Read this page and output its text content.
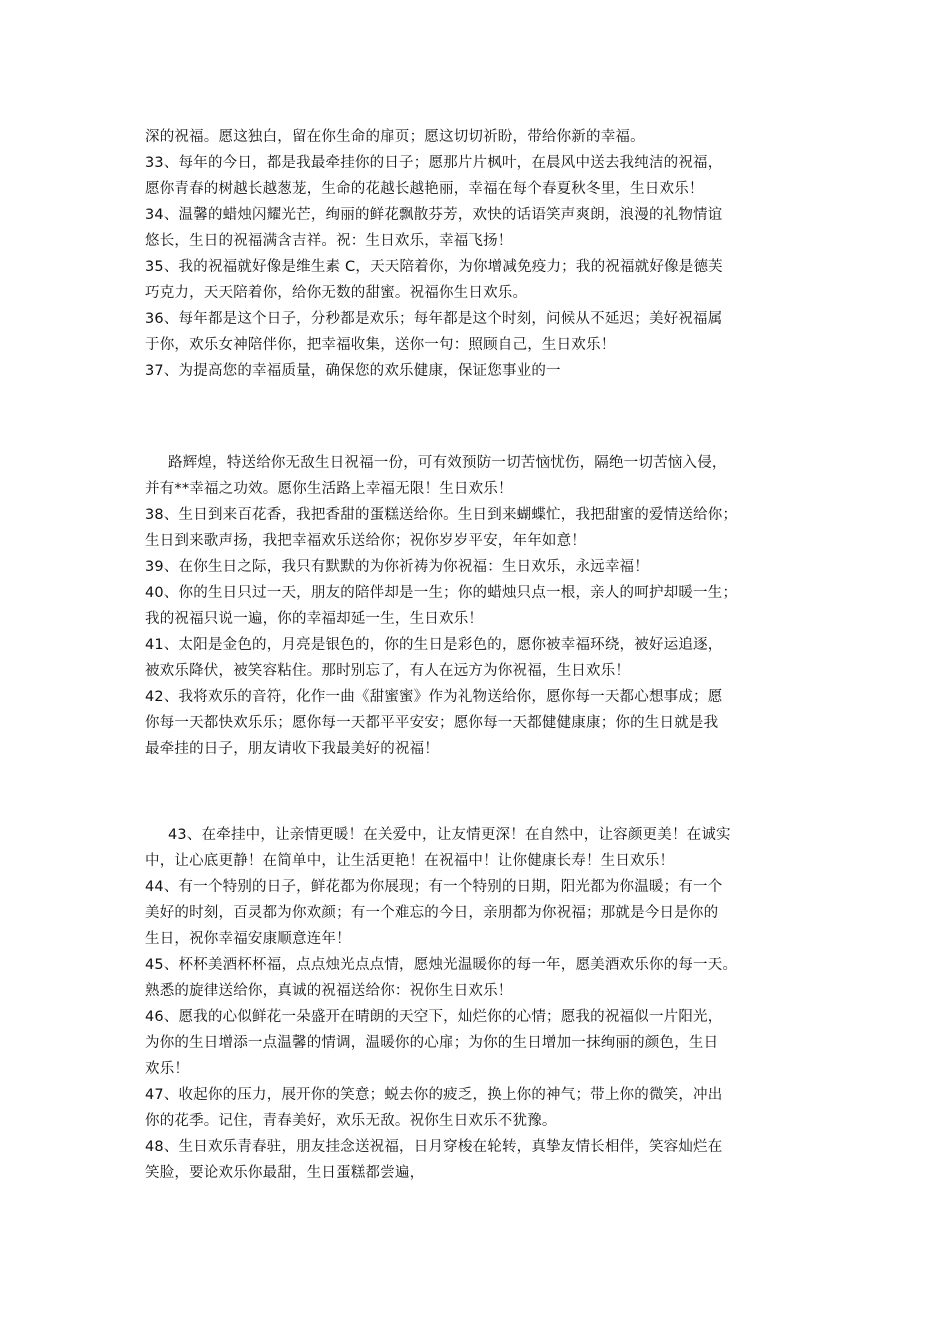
深的祝福。愿这独白，留在你生命的扉页；愿这切切祈盼，带给你新的幸福。
33、每年的今日，都是我最牵挂你的日子；愿那片片枫叶，在晨风中送去我纯洁的祝福，
愿你青春的树越长越葱茏，生命的花越长越艳丽，幸福在每个春夏秋冬里，生日欢乐！
34、温馨的蜡烛闪耀光芒，绚丽的鲜花飘散芬芳，欢快的话语笑声爽朗，浪漫的礼物情谊
悠长，生日的祝福满含吉祥。祝：生日欢乐，幸福飞扬！
35、我的祝福就好像是维生素 C，天天陪着你，为你增减免疫力；我的祝福就好像是德芙
巧克力，天天陪着你，给你无数的甜蜜。祝福你生日欢乐。
36、每年都是这个日子，分秒都是欢乐；每年都是这个时刻，问候从不延迟；美好祝福属
于你，欢乐女神陪伴你，把幸福收集，送你一句：照顾自己，生日欢乐！
37、为提高您的幸福质量，确保您的欢乐健康，保证您事业的一
路辉煌，特送给你无敌生日祝福一份，可有效预防一切苦恼忧伤，隔绝一切苦恼入侵，
并有**幸福之功效。愿你生活路上幸福无限！生日欢乐！
38、生日到来百花香，我把香甜的蛋糕送给你。生日到来蝴蝶忙，我把甜蜜的爱情送给你；
生日到来歌声扬，我把幸福欢乐送给你；祝你岁岁平安，年年如意！
39、在你生日之际，我只有默默的为你祈祷为你祝福：生日欢乐，永远幸福！
40、你的生日只过一天，朋友的陪伴却是一生；你的蜡烛只点一根，亲人的呵护却暖一生；
我的祝福只说一遍，你的幸福却延一生，生日欢乐！
41、太阳是金色的，月亮是银色的，你的生日是彩色的，愿你被幸福环绕，被好运追逐，
被欢乐降伏，被笑容粘住。那时别忘了，有人在远方为你祝福，生日欢乐！
42、我将欢乐的音符，化作一曲《甜蜜蜜》作为礼物送给你，愿你每一天都心想事成；愿
你每一天都快欢乐乐；愿你每一天都平平安安；愿你每一天都健健康康；你的生日就是我
最牵挂的日子，朋友请收下我最美好的祝福！
43、在牵挂中，让亲情更暖！在关爱中，让友情更深！在自然中，让容颜更美！在诚实
中，让心底更静！在简单中，让生活更艳！在祝福中！让你健康长寿！生日欢乐！
44、有一个特别的日子，鲜花都为你展现；有一个特别的日期，阳光都为你温暖；有一个
美好的时刻，百灵都为你欢颜；有一个难忘的今日，亲朋都为你祝福；那就是今日是你的
生日，祝你幸福安康顺意连年！
45、杯杯美酒杯杯福，点点烛光点点情，愿烛光温暖你的每一年，愿美酒欢乐你的每一天。
熟悉的旋律送给你，真诚的祝福送给你：祝你生日欢乐！
46、愿我的心似鲜花一朵盛开在晴朗的天空下，灿烂你的心情；愿我的祝福似一片阳光，
为你的生日增添一点温馨的情调，温暖你的心扉；为你的生日增加一抹绚丽的颜色，生日
欢乐！
47、收起你的压力，展开你的笑意；蜕去你的疲乏，换上你的神气；带上你的微笑，冲出
你的花季。记住，青春美好，欢乐无敌。祝你生日欢乐不犹豫。
48、生日欢乐青春驻，朋友挂念送祝福，日月穿梭在轮转，真挚友情长相伴，笑容灿烂在
笑脸，要论欢乐你最甜，生日蛋糕都尝遍，
